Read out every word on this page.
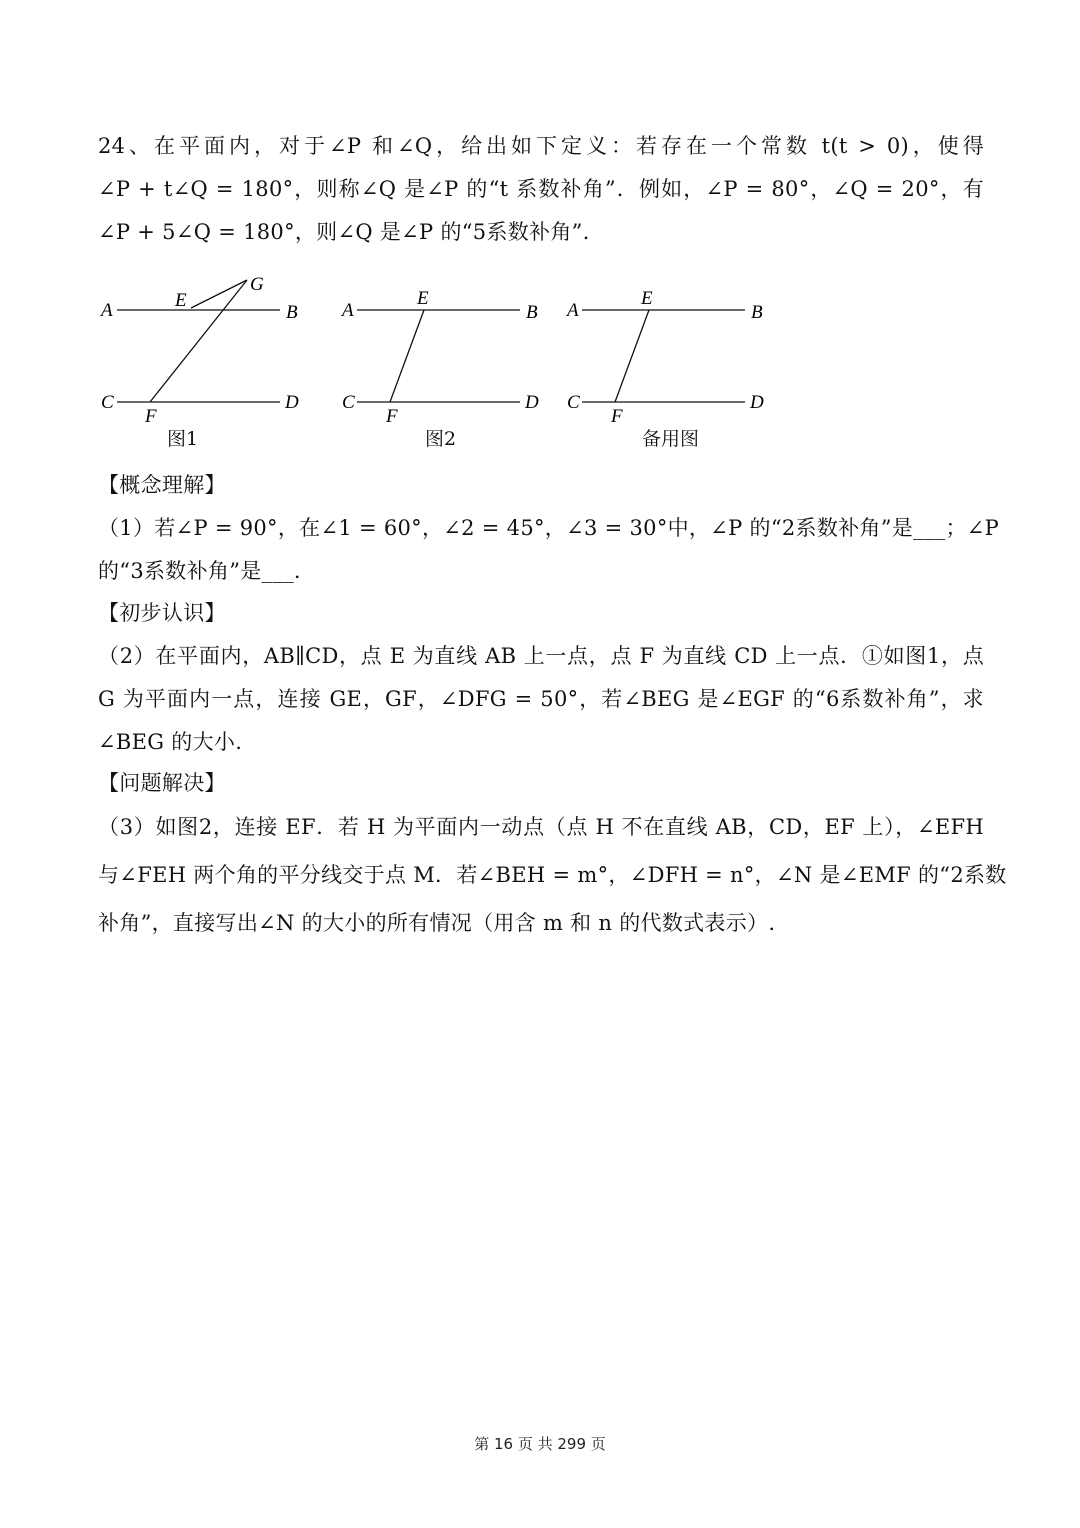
24、在平面内，对于∠P 和∠Q，给出如下定义：若存在一个常数 t(t > 0)，使得
∠P + t∠Q = 180°，则称∠Q 是∠P 的“t 系数补角”．例如，∠P = 80°，∠Q = 20°，有
∠P + 5∠Q = 180°，则∠Q 是∠P 的“5系数补角”．
A	E
G
B
C
F
D
A
E
B
C
F
D
A
E
B
C
F
D
图1	图2	备用图
【概念理解】
（1）若∠P = 90°，在∠1 = 60°，∠2 = 45°，∠3 = 30°中，∠P 的“2系数补角”是___；∠P
的“3系数补角”是___.
【初步认识】
（2）在平面内，AB∥CD，点 E 为直线 AB 上一点，点 F 为直线 CD 上一点．①如图1，点
G 为平面内一点，连接 GE，GF，∠DFG = 50°，若∠BEG 是∠EGF 的“6系数补角”，求
∠BEG 的大小.
【问题解决】
（3）如图2，连接 EF．若 H 为平面内一动点（点 H 不在直线 AB，CD，EF 上），∠EFH
与∠FEH 两个角的平分线交于点 M．若∠BEH = m°，∠DFH = n°，∠N 是∠EMF 的“2系数
补角”，直接写出∠N 的大小的所有情况（用含 m 和 n 的代数式表示）.
第 16 页 共 299 页
